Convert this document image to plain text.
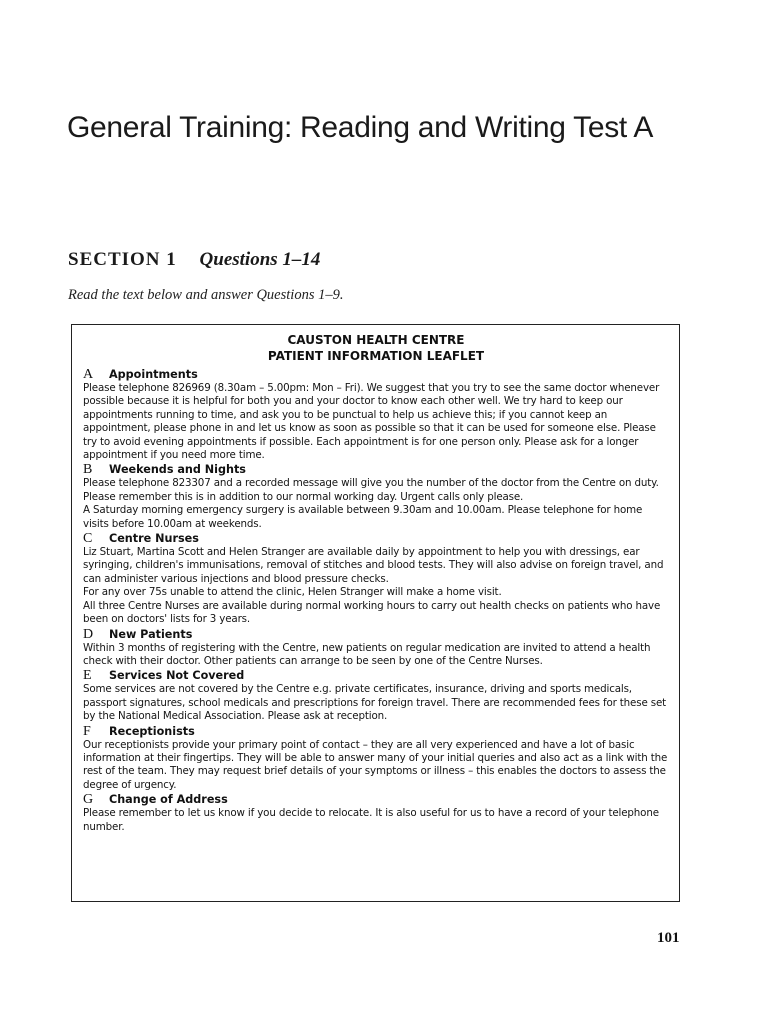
General Training: Reading and Writing Test A
SECTION 1 Questions 1–14
Read the text below and answer Questions 1–9.
CAUSTON HEALTH CENTRE
PATIENT INFORMATION LEAFLET
A Appointments

Please telephone 826969 (8.30am – 5.00pm: Mon – Fri). We suggest that you try to see the same doctor whenever possible because it is helpful for both you and your doctor to know each other well. We try hard to keep our appointments running to time, and ask you to be punctual to help us achieve this; if you cannot keep an appointment, please phone in and let us know as soon as possible so that it can be used for someone else. Please try to avoid evening appointments if possible. Each appointment is for one person only. Please ask for a longer appointment if you need more time.

B Weekends and Nights

Please telephone 823307 and a recorded message will give you the number of the doctor from the Centre on duty. Please remember this is in addition to our normal working day. Urgent calls only please.

A Saturday morning emergency surgery is available between 9.30am and 10.00am. Please telephone for home visits before 10.00am at weekends.

C Centre Nurses

Liz Stuart, Martina Scott and Helen Stranger are available daily by appointment to help you with dressings, ear syringing, children's immunisations, removal of stitches and blood tests. They will also advise on foreign travel, and can administer various injections and blood pressure checks.

For any over 75s unable to attend the clinic, Helen Stranger will make a home visit.

All three Centre Nurses are available during normal working hours to carry out health checks on patients who have been on doctors' lists for 3 years.

D New Patients

Within 3 months of registering with the Centre, new patients on regular medication are invited to attend a health check with their doctor. Other patients can arrange to be seen by one of the Centre Nurses.

E Services Not Covered

Some services are not covered by the Centre e.g. private certificates, insurance, driving and sports medicals, passport signatures, school medicals and prescriptions for foreign travel. There are recommended fees for these set by the National Medical Association. Please ask at reception.

F Receptionists

Our receptionists provide your primary point of contact – they are all very experienced and have a lot of basic information at their fingertips. They will be able to answer many of your initial queries and also act as a link with the rest of the team. They may request brief details of your symptoms or illness – this enables the doctors to assess the degree of urgency.

G Change of Address

Please remember to let us know if you decide to relocate. It is also useful for us to have a record of your telephone number.

101
